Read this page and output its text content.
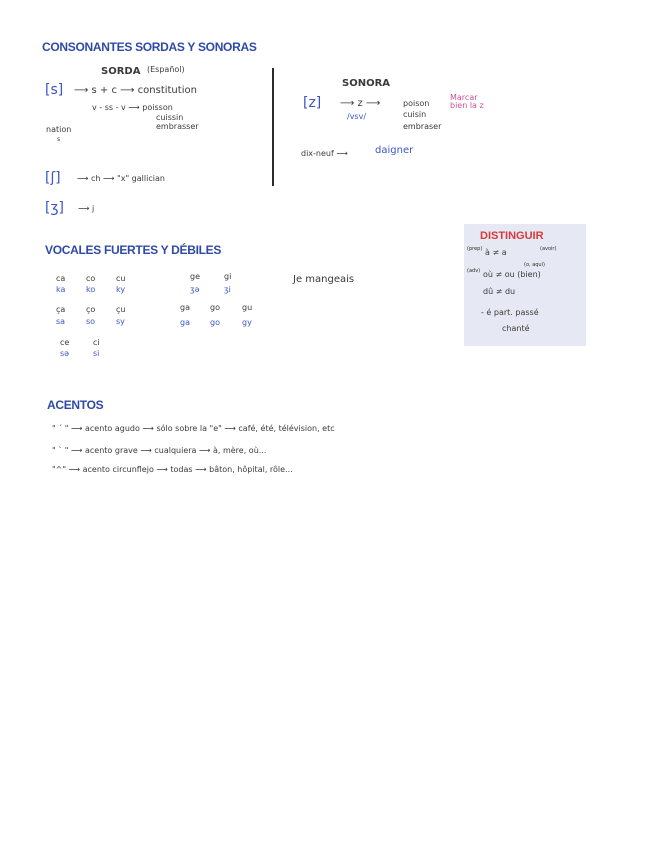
CONSONANTES SORDAS Y SONORAS
SORDA (Español)
[s] ⟶ s + c ⟶ constitution
v - ss - v ⟶ poisson
cuissin
embrasser
nation
s
[ʃ] ⟶ ch ⟶ "x" gallician
[ʒ] ⟶ j
SONORA
[z] ⟶ z ⟶	poison
cuisin
embraser
/vsv/
Marcar
bien la z
dix-neuf ⟶	daigner
VOCALES FUERTES Y DÉBILES
ca	co	cu
ka	ko	ky
ça	ço	çu
sa	so	sy
ce	ci
sə	si
ge	gi
ʒə	ʒi
ga	go	gu
ga	go	gy
Je mangeais
DISTINGUIR
(prep) à ≠ a	(avoir)
(adv)
(o, aquí)
où ≠ ou (bien)
dû ≠ du
- é part. passé
chanté
ACENTOS
" ´ " ⟶ acento agudo ⟶ sólo sobre la "e" ⟶ café, été, télévision, etc
" ` " ⟶ acento grave ⟶ cualquiera ⟶ à, mère, où...
"^" ⟶ acento circunflejo ⟶ todas ⟶ bâton, hôpital, rôle...
